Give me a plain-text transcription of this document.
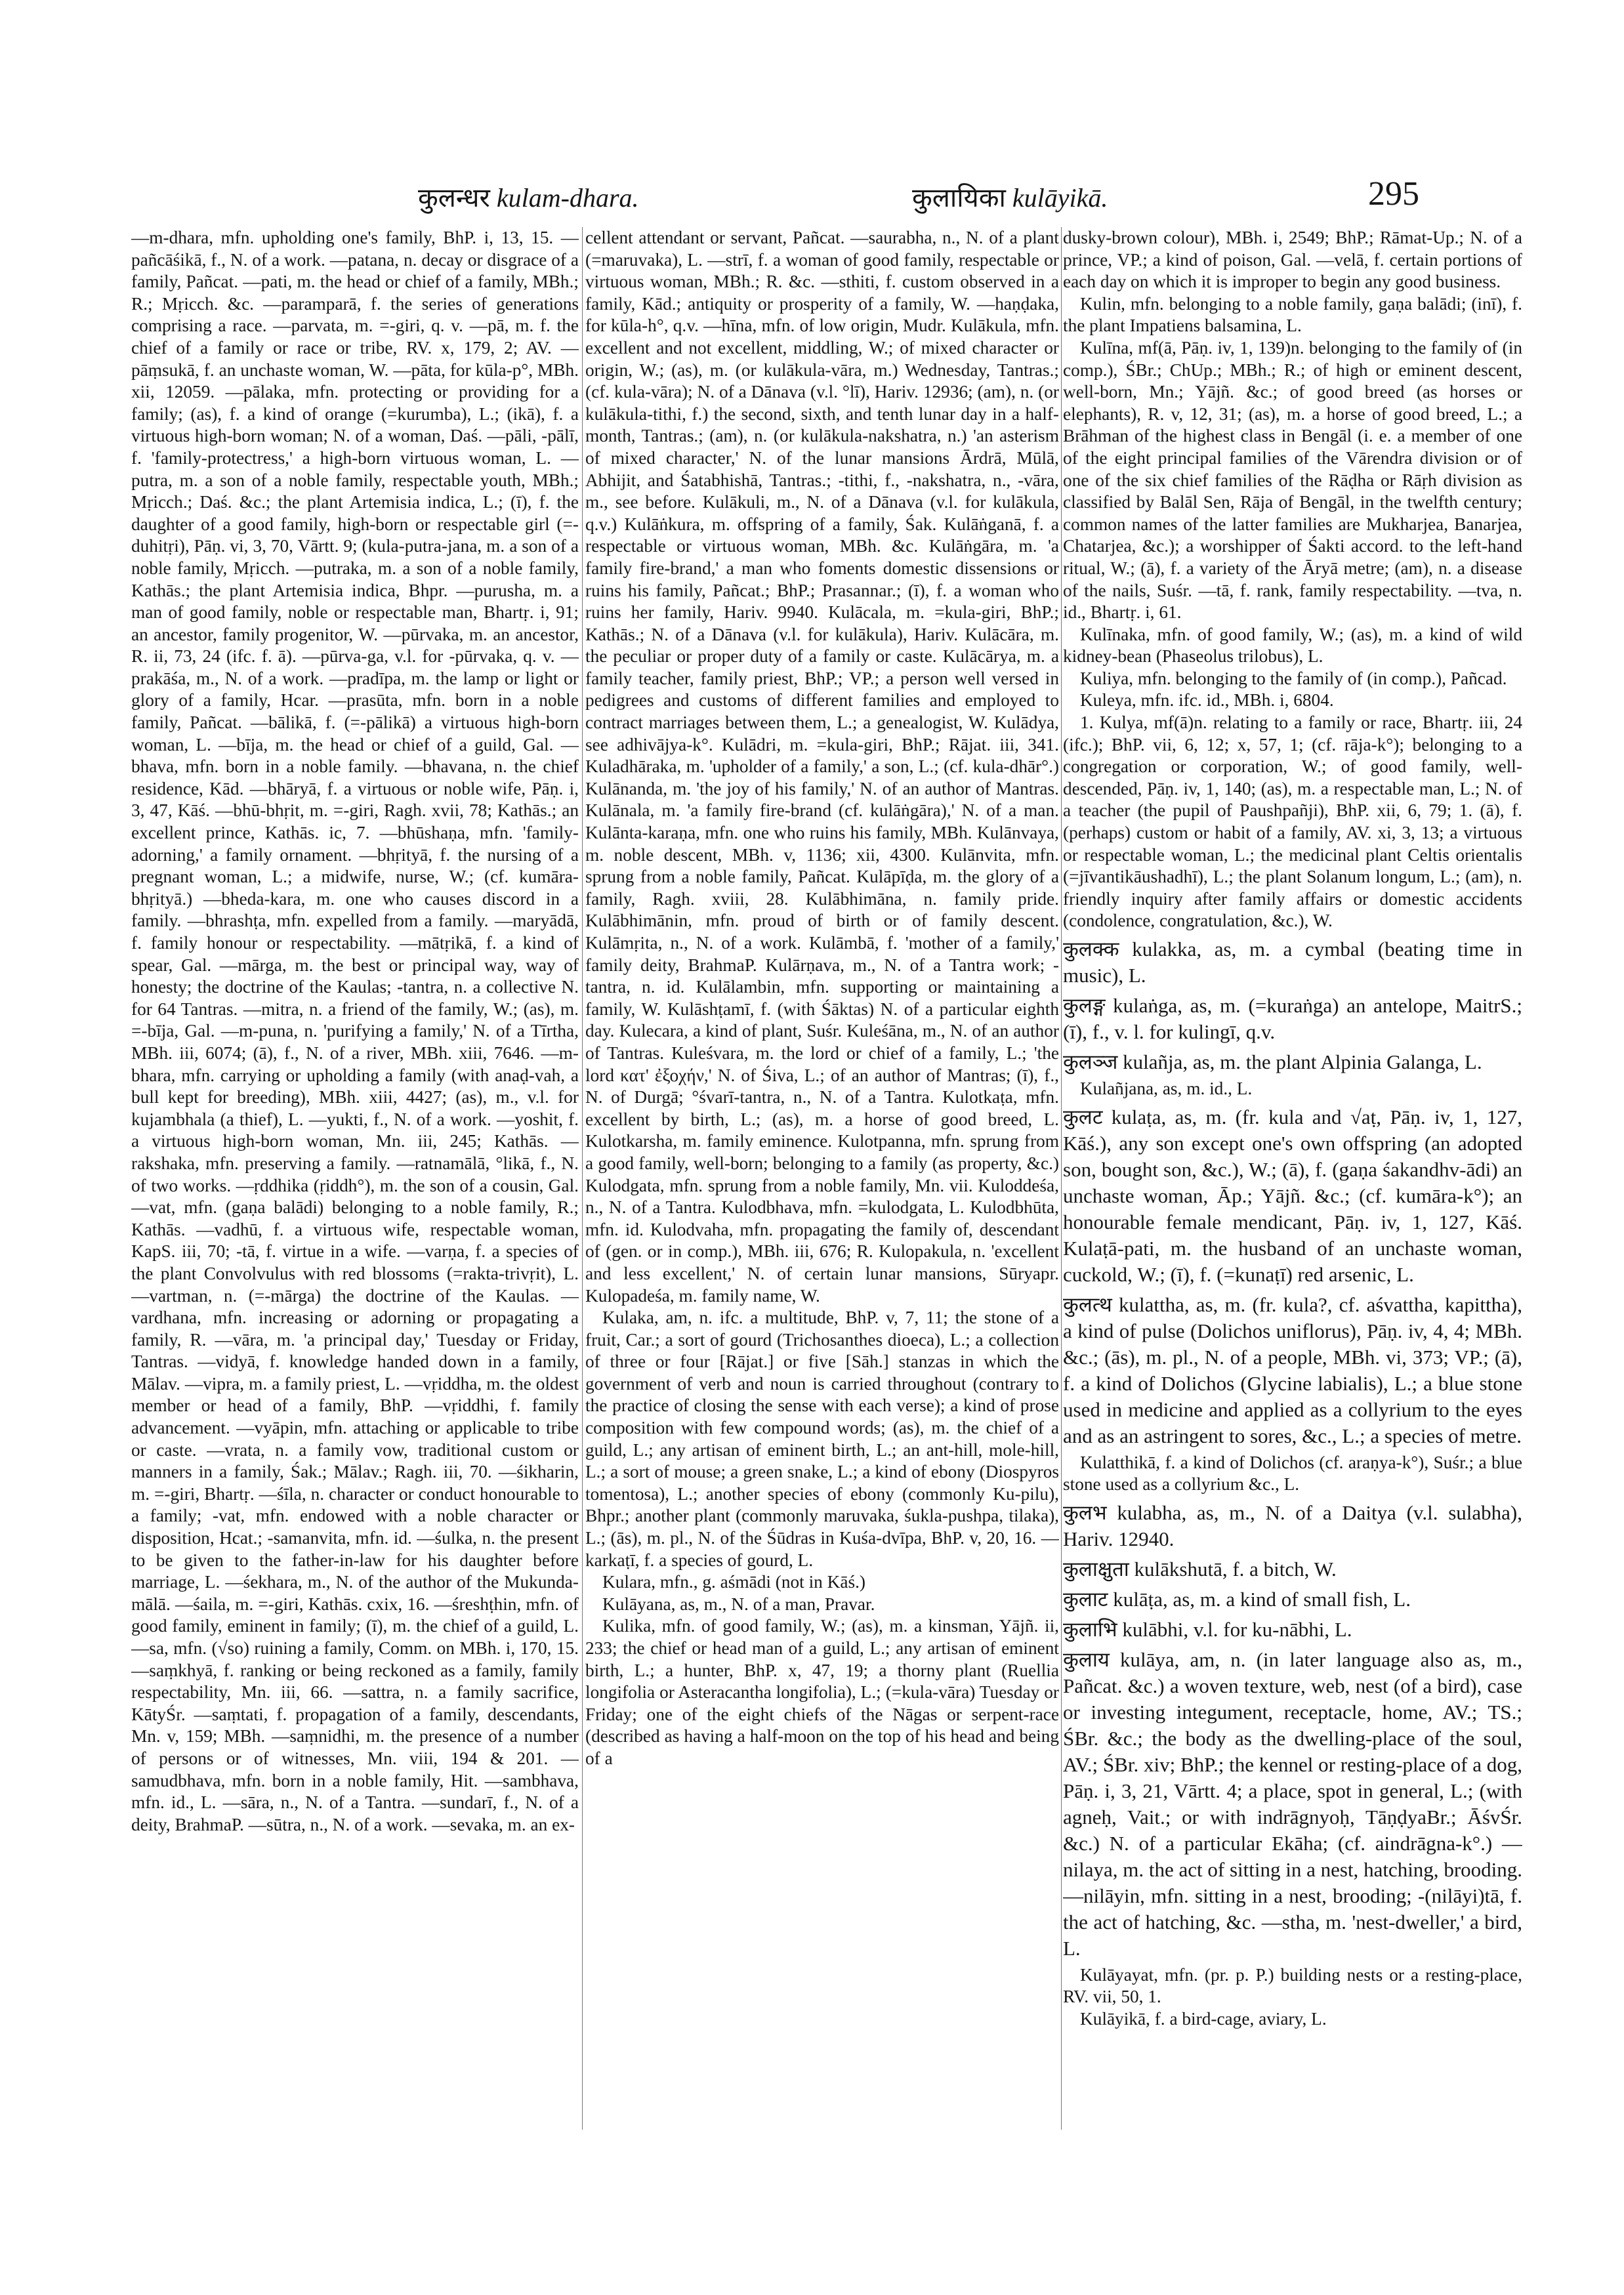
कुलन्धर kulam-dhara.	कुलायिका kulāyikā.	295

—m-dhara, mfn. upholding one's family, BhP. i, 13, 15. —pañcāśikā, f., N. of a work. —patana, n. decay or disgrace of a family, Pañcat. —pati, m. the head or chief of a family, MBh.; R.; Mṛicch. &c. —paramparā, f. the series of generations comprising a race. —parvata, m. =-giri, q. v. —pā, m. f. the chief of a family or race or tribe, RV. x, 179, 2; AV. —pāṃsukā, f. an unchaste woman, W. —pāta, for kūla-p°, MBh. xii, 12059. —pālaka, mfn. protecting or providing for a family; (as), f. a kind of orange (=kurumba), L.; (ikā), f. a virtuous high-born woman; N. of a woman, Daś. —pāli, -pālī, f. 'family-protectress,' a high-born virtuous woman, L. —putra, m. a son of a noble family, respectable youth, MBh.; Mṛicch.; Daś. &c.; the plant Artemisia indica, L.; (ī), f. the daughter of a good family, high-born or respectable girl (=-duhitṛi), Pāṇ. vi, 3, 70, Vārtt. 9; (kula-putra-jana, m. a son of a noble family, Mṛicch. —putraka, m. a son of a noble family, Kathās.; the plant Artemisia indica, Bhpr. —purusha, m. a man of good family, noble or respectable man, Bhartṛ. i, 91; an ancestor, family progenitor, W. —pūrvaka, m. an ancestor, R. ii, 73, 24 (ifc. f. ā). —pūrva-ga, v.l. for -pūrvaka, q. v. —prakāśa, m., N. of a work. —pradīpa, m. the lamp or light or glory of a family, Hcar. —prasūta, mfn. born in a noble family, Pañcat. —bālikā, f. (=-pālikā) a virtuous high-born woman, L. —bīja, m. the head or chief of a guild, Gal. —bhava, mfn. born in a noble family. —bhavana, n. the chief residence, Kād. —bhāryā, f. a virtuous or noble wife, Pāṇ. i, 3, 47, Kāś. —bhū-bhṛit, m. =-giri, Ragh. xvii, 78; Kathās.; an excellent prince, Kathās. ic, 7. —bhūshaṇa, mfn. 'family-adorning,' a family ornament. —bhṛityā, f. the nursing of a pregnant woman, L.; a midwife, nurse, W.; (cf. kumāra-bhṛityā.) —bheda-kara, m. one who causes discord in a family. —bhrashṭa, mfn. expelled from a family. —maryādā, f. family honour or respectability. —mātṛikā, f. a kind of spear, Gal. —mārga, m. the best or principal way, way of honesty; the doctrine of the Kaulas; -tantra, n. a collective N. for 64 Tantras. —mitra, n. a friend of the family, W.; (as), m. =-bīja, Gal. —m-puna, n. 'purifying a family,' N. of a Tīrtha, MBh. iii, 6074; (ā), f., N. of a river, MBh. xiii, 7646. —m-bhara, mfn. carrying or upholding a family (with anaḍ-vah, a bull kept for breeding), MBh. xiii, 4427; (as), m., v.l. for kujambhala (a thief), L. —yukti, f., N. of a work. —yoshit, f. a virtuous high-born woman, Mn. iii, 245; Kathās. —rakshaka, mfn. preserving a family. —ratnamālā, °likā, f., N. of two works. —ṛddhika (ṛiddh°), m. the son of a cousin, Gal. —vat, mfn. (gaṇa balādi) belonging to a noble family, R.; Kathās. —vadhū, f. a virtuous wife, respectable woman, KapS. iii, 70; -tā, f. virtue in a wife. —varṇa, f. a species of the plant Convolvulus with red blossoms (=rakta-trivṛit), L. —vartman, n. (=-mārga) the doctrine of the Kaulas. —vardhana, mfn. increasing or adorning or propagating a family, R. —vāra, m. 'a principal day,' Tuesday or Friday, Tantras. —vidyā, f. knowledge handed down in a family, Mālav. —vipra, m. a family priest, L. —vṛiddha, m. the oldest member or head of a family, BhP. —vṛiddhi, f. family advancement. —vyāpin, mfn. attaching or applicable to tribe or caste. —vrata, n. a family vow, traditional custom or manners in a family, Śak.; Mālav.; Ragh. iii, 70. —śikharin, m. =-giri, Bhartṛ. —śīla, n. character or conduct honourable to a family; -vat, mfn. endowed with a noble character or disposition, Hcat.; -samanvita, mfn. id. —śulka, n. the present to be given to the father-in-law for his daughter before marriage, L. —śekhara, m., N. of the author of the Mukunda-mālā. —śaila, m. =-giri, Kathās. cxix, 16. —śreshṭhin, mfn. of good family, eminent in family; (ī), m. the chief of a guild, L. —sa, mfn. (√so) ruining a family, Comm. on MBh. i, 170, 15. —saṃkhyā, f. ranking or being reckoned as a family, family respectability, Mn. iii, 66. —sattra, n. a family sacrifice, KātyŚr. —saṃtati, f. propagation of a family, descendants, Mn. v, 159; MBh. —saṃnidhi, m. the presence of a number of persons or of witnesses, Mn. viii, 194 & 201. —samudbhava, mfn. born in a noble family, Hit. —sambhava, mfn. id., L. —sāra, n., N. of a Tantra. —sundarī, f., N. of a deity, BrahmaP. —sūtra, n., N. of a work. —sevaka, m. an ex-

cellent attendant or servant, Pañcat. —saurabha, n., N. of a plant (=maruvaka), L. —strī, f. a woman of good family, respectable or virtuous woman, MBh.; R. &c. —sthiti, f. custom observed in a family, Kād.; antiquity or prosperity of a family, W. —haṇḍaka, for kūla-h°, q.v. —hīna, mfn. of low origin, Mudr. Kulākula, mfn. excellent and not excellent, middling, W.; of mixed character or origin, W.; (as), m. (or kulākula-vāra, m.) Wednesday, Tantras.; (cf. kula-vāra); N. of a Dānava (v.l. °lī), Hariv. 12936; (am), n. (or kulākula-tithi, f.) the second, sixth, and tenth lunar day in a half-month, Tantras.; (am), n. (or kulākula-nakshatra, n.) 'an asterism of mixed character,' N. of the lunar mansions Ārdrā, Mūlā, Abhijit, and Śatabhishā, Tantras.; -tithi, f., -nakshatra, n., -vāra, m., see before. Kulākuli, m., N. of a Dānava (v.l. for kulākula, q.v.) Kulāṅkura, m. offspring of a family, Śak. Kulāṅganā, f. a respectable or virtuous woman, MBh. &c. Kulāṅgāra, m. 'a family fire-brand,' a man who foments domestic dissensions or ruins his family, Pañcat.; BhP.; Prasannar.; (ī), f. a woman who ruins her family, Hariv. 9940. Kulācala, m. =kula-giri, BhP.; Kathās.; N. of a Dānava (v.l. for kulākula), Hariv. Kulācāra, m. the peculiar or proper duty of a family or caste. Kulācārya, m. a family teacher, family priest, BhP.; VP.; a person well versed in pedigrees and customs of different families and employed to contract marriages between them, L.; a genealogist, W. Kulādya, see adhivājya-k°. Kulādri, m. =kula-giri, BhP.; Rājat. iii, 341. Kuladhāraka, m. 'upholder of a family,' a son, L.; (cf. kula-dhār°.) Kulānanda, m. 'the joy of his family,' N. of an author of Mantras. Kulānala, m. 'a family fire-brand (cf. kulāṅgāra),' N. of a man. Kulānta-karaṇa, mfn. one who ruins his family, MBh. Kulānvaya, m. noble descent, MBh. v, 1136; xii, 4300. Kulānvita, mfn. sprung from a noble family, Pañcat. Kulāpīḍa, m. the glory of a family, Ragh. xviii, 28. Kulābhimāna, n. family pride. Kulābhimānin, mfn. proud of birth or of family descent. Kulāmṛita, n., N. of a work. Kulāmbā, f. 'mother of a family,' family deity, BrahmaP. Kulārṇava, m., N. of a Tantra work; -tantra, n. id. Kulālambin, mfn. supporting or maintaining a family, W. Kulāshṭamī, f. (with Śāktas) N. of a particular eighth day. Kulecara, a kind of plant, Suśr. Kuleśāna, m., N. of an author of Tantras. Kuleśvara, m. the lord or chief of a family, L.; 'the lord κατ' ἐξοχήν,' N. of Śiva, L.; of an author of Mantras; (ī), f., N. of Durgā; °śvarī-tantra, n., N. of a Tantra. Kulotkaṭa, mfn. excellent by birth, L.; (as), m. a horse of good breed, L. Kulotkarsha, m. family eminence. Kulotpanna, mfn. sprung from a good family, well-born; belonging to a family (as property, &c.) Kulodgata, mfn. sprung from a noble family, Mn. vii. Kuloddeśa, n., N. of a Tantra. Kulodbhava, mfn. =kulodgata, L. Kulodbhūta, mfn. id. Kulodvaha, mfn. propagating the family of, descendant of (gen. or in comp.), MBh. iii, 676; R. Kulopakula, n. 'excellent and less excellent,' N. of certain lunar mansions, Sūryapr. Kulopadeśa, m. family name, W.

Kulaka, am, n. ifc. a multitude, BhP. v, 7, 11; the stone of a fruit, Car.; a sort of gourd (Trichosanthes dioeca), L.; a collection of three or four [Rājat.] or five [Sāh.] stanzas in which the government of verb and noun is carried throughout (contrary to the practice of closing the sense with each verse); a kind of prose composition with few compound words; (as), m. the chief of a guild, L.; any artisan of eminent birth, L.; an ant-hill, mole-hill, L.; a sort of mouse; a green snake, L.; a kind of ebony (Diospyros tomentosa), L.; another species of ebony (commonly Ku-pilu), Bhpr.; another plant (commonly maruvaka, śukla-pushpa, tilaka), L.; (ās), m. pl., N. of the Śūdras in Kuśa-dvīpa, BhP. v, 20, 16. —karkaṭī, f. a species of gourd, L.

Kulara, mfn., g. aśmādi (not in Kāś.)

Kulāyana, as, m., N. of a man, Pravar.

Kulika, mfn. of good family, W.; (as), m. a kinsman, Yājñ. ii, 233; the chief or head man of a guild, L.; any artisan of eminent birth, L.; a hunter, BhP. x, 47, 19; a thorny plant (Ruellia longifolia or Asteracantha longifolia), L.; (=kula-vāra) Tuesday or Friday; one of the eight chiefs of the Nāgas or serpent-race (described as having a half-moon on the top of his head and being of a

dusky-brown colour), MBh. i, 2549; BhP.; Rāmat-Up.; N. of a prince, VP.; a kind of poison, Gal. —velā, f. certain portions of each day on which it is improper to begin any good business.

Kulin, mfn. belonging to a noble family, gaṇa balādi; (inī), f. the plant Impatiens balsamina, L.

Kulīna, mf(ā, Pāṇ. iv, 1, 139)n. belonging to the family of (in comp.), ŚBr.; ChUp.; MBh.; R.; of high or eminent descent, well-born, Mn.; Yājñ. &c.; of good breed (as horses or elephants), R. v, 12, 31; (as), m. a horse of good breed, L.; a Brāhman of the highest class in Bengāl (i. e. a member of one of the eight principal families of the Vārendra division or of one of the six chief families of the Rāḍha or Rāṛh division as classified by Balāl Sen, Rāja of Bengāl, in the twelfth century; common names of the latter families are Mukharjea, Banarjea, Chatarjea, &c.); a worshipper of Śakti accord. to the left-hand ritual, W.; (ā), f. a variety of the Āryā metre; (am), n. a disease of the nails, Suśr. —tā, f. rank, family respectability. —tva, n. id., Bhartṛ. i, 61.

Kulīnaka, mfn. of good family, W.; (as), m. a kind of wild kidney-bean (Phaseolus trilobus), L.

Kuliya, mfn. belonging to the family of (in comp.), Pañcad.

Kuleya, mfn. ifc. id., MBh. i, 6804.

1. Kulya, mf(ā)n. relating to a family or race, Bhartṛ. iii, 24 (ifc.); BhP. vii, 6, 12; x, 57, 1; (cf. rāja-k°); belonging to a congregation or corporation, W.; of good family, well-descended, Pāṇ. iv, 1, 140; (as), m. a respectable man, L.; N. of a teacher (the pupil of Paushpañji), BhP. xii, 6, 79; 1. (ā), f. (perhaps) custom or habit of a family, AV. xi, 3, 13; a virtuous or respectable woman, L.; the medicinal plant Celtis orientalis (=jīvantikāushadhī), L.; the plant Solanum longum, L.; (am), n. friendly inquiry after family affairs or domestic accidents (condolence, congratulation, &c.), W.

कुलक्क kulakka, as, m. a cymbal (beating time in music), L.

कुलङ्ग kulaṅga, as, m. (=kuraṅga) an antelope, MaitrS.; (ī), f., v. l. for kulingī, q.v.

कुलञ्ज kulañja, as, m. the plant Alpinia Galanga, L.

Kulañjana, as, m. id., L.

कुलट kulaṭa, as, m. (fr. kula and √aṭ, Pāṇ. iv, 1, 127, Kāś.), any son except one's own offspring (an adopted son, bought son, &c.), W.; (ā), f. (gaṇa śakandhv-ādi) an unchaste woman, Āp.; Yājñ. &c.; (cf. kumāra-k°); an honourable female mendicant, Pāṇ. iv, 1, 127, Kāś. Kulaṭā-pati, m. the husband of an unchaste woman, cuckold, W.; (ī), f. (=kunaṭī) red arsenic, L.

कुलत्थ kulattha, as, m. (fr. kula?, cf. aśvattha, kapittha), a kind of pulse (Dolichos uniflorus), Pāṇ. iv, 4, 4; MBh. &c.; (ās), m. pl., N. of a people, MBh. vi, 373; VP.; (ā), f. a kind of Dolichos (Glycine labialis), L.; a blue stone used in medicine and applied as a collyrium to the eyes and as an astringent to sores, &c., L.; a species of metre.

Kulatthikā, f. a kind of Dolichos (cf. araṇya-k°), Suśr.; a blue stone used as a collyrium &c., L.

कुलभ kulabha, as, m., N. of a Daitya (v.l. sulabha), Hariv. 12940.

कुलाक्षुता kulākshutā, f. a bitch, W.

कुलाट kulāṭa, as, m. a kind of small fish, L.

कुलाभि kulābhi, v.l. for ku-nābhi, L.

कुलाय kulāya, am, n. (in later language also as, m., Pañcat. &c.) a woven texture, web, nest (of a bird), case or investing integument, receptacle, home, AV.; TS.; ŚBr. &c.; the body as the dwelling-place of the soul, AV.; ŚBr. xiv; BhP.; the kennel or resting-place of a dog, Pāṇ. i, 3, 21, Vārtt. 4; a place, spot in general, L.; (with agneḥ, Vait.; or with indrāgnyoḥ, TāṇḍyaBr.; ĀśvŚr. &c.) N. of a particular Ekāha; (cf. aindrāgna-k°.) —nilaya, m. the act of sitting in a nest, hatching, brooding. —nilāyin, mfn. sitting in a nest, brooding; -(nilāyi)tā, f. the act of hatching, &c. —stha, m. 'nest-dweller,' a bird, L.

Kulāyayat, mfn. (pr. p. P.) building nests or a resting-place, RV. vii, 50, 1.

Kulāyikā, f. a bird-cage, aviary, L.
